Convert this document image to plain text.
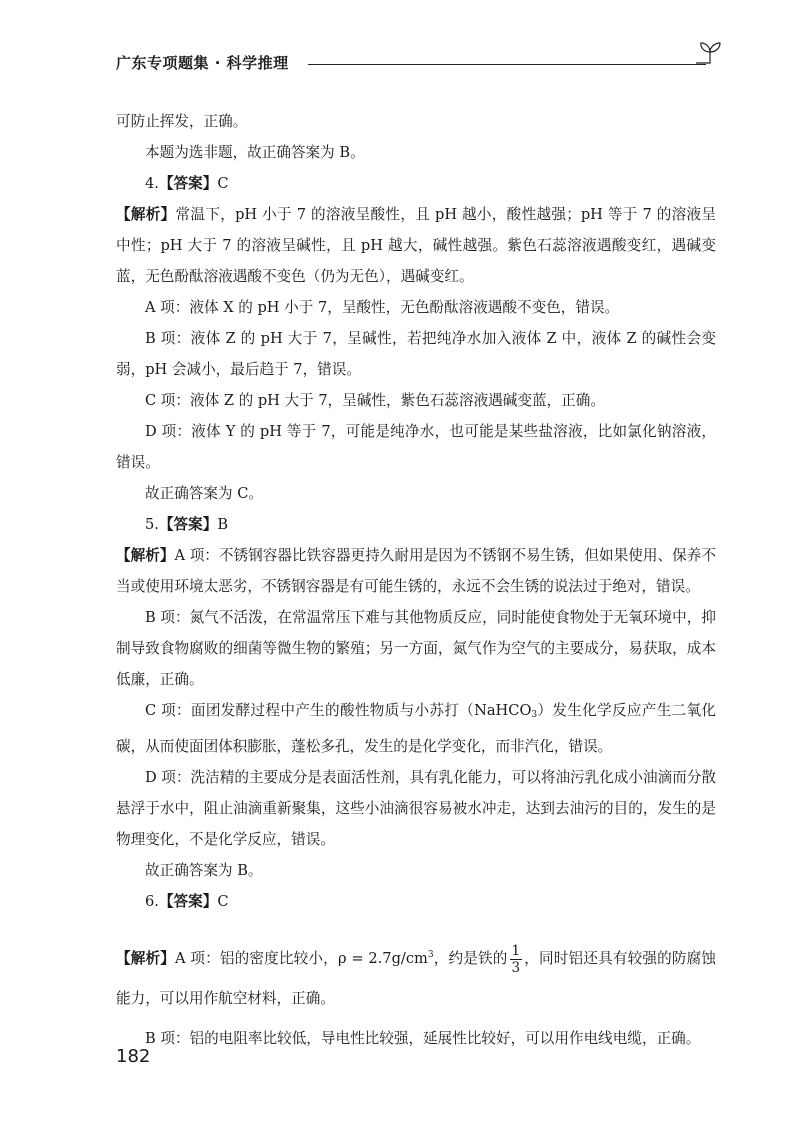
广东专项题集 · 科学推理

可防止挥发，正确。

本题为选非题，故正确答案为 B。

4.【答案】C

【解析】常温下，pH 小于 7 的溶液呈酸性，且 pH 越小，酸性越强；pH 等于 7 的溶液呈中性；pH 大于 7 的溶液呈碱性，且 pH 越大，碱性越强。紫色石蕊溶液遇酸变红，遇碱变蓝，无色酚酞溶液遇酸不变色（仍为无色），遇碱变红。

A 项：液体 X 的 pH 小于 7，呈酸性，无色酚酞溶液遇酸不变色，错误。

B 项：液体 Z 的 pH 大于 7，呈碱性，若把纯净水加入液体 Z 中，液体 Z 的碱性会变弱，pH 会减小，最后趋于 7，错误。

C 项：液体 Z 的 pH 大于 7，呈碱性，紫色石蕊溶液遇碱变蓝，正确。

D 项：液体 Y 的 pH 等于 7，可能是纯净水，也可能是某些盐溶液，比如氯化钠溶液，错误。

故正确答案为 C。

5.【答案】B

【解析】A 项：不锈钢容器比铁容器更持久耐用是因为不锈钢不易生锈，但如果使用、保养不当或使用环境太恶劣，不锈钢容器是有可能生锈的，永远不会生锈的说法过于绝对，错误。

B 项：氮气不活泼，在常温常压下难与其他物质反应，同时能使食物处于无氧环境中，抑制导致食物腐败的细菌等微生物的繁殖；另一方面，氮气作为空气的主要成分，易获取，成本低廉，正确。

C 项：面团发酵过程中产生的酸性物质与小苏打（NaHCO$_3$）发生化学反应产生二氧化碳，从而使面团体积膨胀，蓬松多孔，发生的是化学变化，而非汽化，错误。

D 项：洗洁精的主要成分是表面活性剂，具有乳化能力，可以将油污乳化成小油滴而分散悬浮于水中，阻止油滴重新聚集，这些小油滴很容易被水冲走，达到去油污的目的，发生的是物理变化，不是化学反应，错误。

故正确答案为 B。

6.【答案】C

【解析】A 项：铝的密度比较小，$\rho = 2.7g/cm^3$，约是铁的 $\frac{1}{3}$ ，同时铝还具有较强的防腐蚀能力，可以用作航空材料，正确。

B 项：铝的电阻率比较低，导电性比较强，延展性比较好，可以用作电线电缆，正确。

182
